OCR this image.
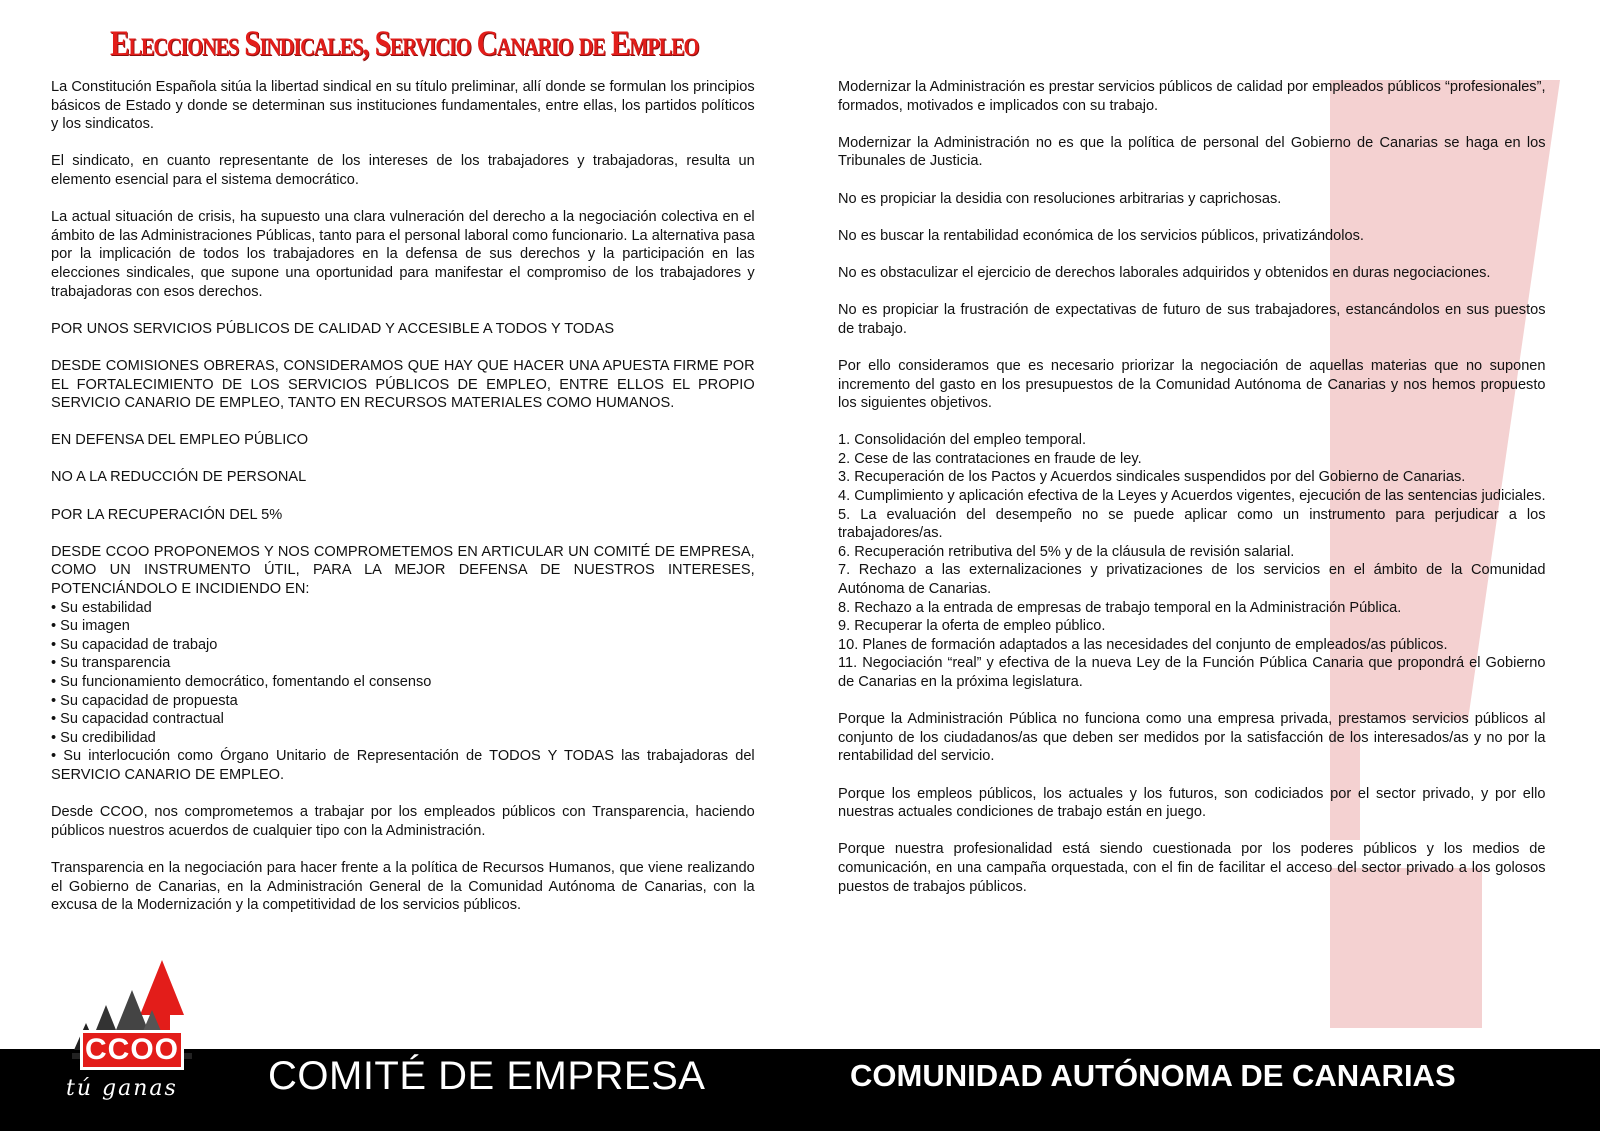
Elecciones Sindicales, Servicio Canario de Empleo

La Constitución Española sitúa la libertad sindical en su título preliminar, allí donde se formulan los principios básicos de Estado y donde se determinan sus instituciones fundamentales, entre ellas, los partidos políticos y los sindicatos.

El sindicato, en cuanto representante de los intereses de los trabajadores y trabajadoras, resulta un elemento esencial para el sistema democrático.

La actual situación de crisis, ha supuesto una clara vulneración del derecho a la negociación colectiva en el ámbito de las Administraciones Públicas, tanto para el personal laboral como funcionario. La alternativa pasa por la implicación de todos los trabajadores en la defensa de sus derechos y la participación en las elecciones sindicales, que supone una oportunidad para manifestar el compromiso de los trabajadores y trabajadoras con esos derechos.

POR UNOS SERVICIOS PÚBLICOS DE CALIDAD Y ACCESIBLE A TODOS Y TODAS

DESDE COMISIONES OBRERAS, CONSIDERAMOS QUE HAY QUE HACER UNA APUESTA FIRME POR EL FORTALECIMIENTO DE LOS SERVICIOS PÚBLICOS DE EMPLEO, ENTRE ELLOS EL PROPIO SERVICIO CANARIO DE EMPLEO, TANTO EN RECURSOS MATERIALES COMO HUMANOS.

EN DEFENSA DEL EMPLEO PÚBLICO

NO A LA REDUCCIÓN DE PERSONAL

POR LA RECUPERACIÓN DEL 5%

DESDE CCOO PROPONEMOS Y NOS COMPROMETEMOS EN ARTICULAR UN COMITÉ DE EMPRESA, COMO UN INSTRUMENTO ÚTIL, PARA LA MEJOR DEFENSA DE NUESTROS INTERESES, POTENCIÁNDOLO E INCIDIENDO EN:

• Su estabilidad
• Su imagen
• Su capacidad de trabajo
• Su transparencia
• Su funcionamiento democrático, fomentando el consenso
• Su capacidad de propuesta
• Su capacidad contractual
• Su credibilidad
• Su interlocución como Órgano Unitario de Representación de TODOS Y TODAS las trabajadoras del SERVICIO CANARIO DE EMPLEO.

Desde CCOO, nos comprometemos a trabajar por los empleados públicos con Transparencia, haciendo públicos nuestros acuerdos de cualquier tipo con la Administración.

Transparencia en la negociación para hacer frente a la política de Recursos Humanos, que viene realizando el Gobierno de Canarias, en la Administración General de la Comunidad Autónoma de Canarias, con la excusa de la Modernización y la competitividad de los servicios públicos.

Modernizar la Administración es prestar servicios públicos de calidad por empleados públicos “profesionales”, formados, motivados e implicados con su trabajo.

Modernizar la Administración no es que la política de personal del Gobierno de Canarias se haga en los Tribunales de Justicia.

No es propiciar la desidia con resoluciones arbitrarias y caprichosas.

No es buscar la rentabilidad económica de los servicios públicos, privatizándolos.

No es obstaculizar el ejercicio de derechos laborales adquiridos y obtenidos en duras negociaciones.

No es propiciar la frustración de expectativas de futuro de sus trabajadores, estancándolos en sus puestos de trabajo.

Por ello consideramos que es necesario priorizar la negociación de aquellas materias que no suponen incremento del gasto en los presupuestos de la Comunidad Autónoma de Canarias y nos hemos propuesto los siguientes objetivos.

1. Consolidación del empleo temporal.
2. Cese de las contrataciones en fraude de ley.
3. Recuperación de los Pactos y Acuerdos sindicales suspendidos por del Gobierno de Canarias.
4. Cumplimiento y aplicación efectiva de la Leyes y Acuerdos vigentes, ejecución de las sentencias judiciales.
5. La evaluación del desempeño no se puede aplicar como un instrumento para perjudicar a los trabajadores/as.
6. Recuperación retributiva del 5% y de la cláusula de revisión salarial.
7. Rechazo a las externalizaciones y privatizaciones de los servicios en el ámbito de la Comunidad Autónoma de Canarias.
8. Rechazo a la entrada de empresas de trabajo temporal en la Administración Pública.
9. Recuperar la oferta de empleo público.
10. Planes de formación adaptados a las necesidades del conjunto de empleados/as públicos.
11. Negociación “real” y efectiva de la nueva Ley de la Función Pública Canaria que propondrá el Gobierno de Canarias en la próxima legislatura.

Porque la Administración Pública no funciona como una empresa privada, prestamos servicios públicos al conjunto de los ciudadanos/as que deben ser medidos por la satisfacción de los interesados/as y no por la rentabilidad del servicio.

Porque los empleos públicos, los actuales y los futuros, son codiciados por el sector privado, y por ello nuestras actuales condiciones de trabajo están en juego.

Porque nuestra profesionalidad está siendo cuestionada por los poderes públicos y los medios de comunicación, en una campaña orquestada, con el fin de facilitar el acceso del sector privado a los golosos puestos de trabajos públicos.

CCOO
tú ganas COMITÉ DE EMPRESA	COMUNIDAD AUTÓNOMA DE CANARIAS
